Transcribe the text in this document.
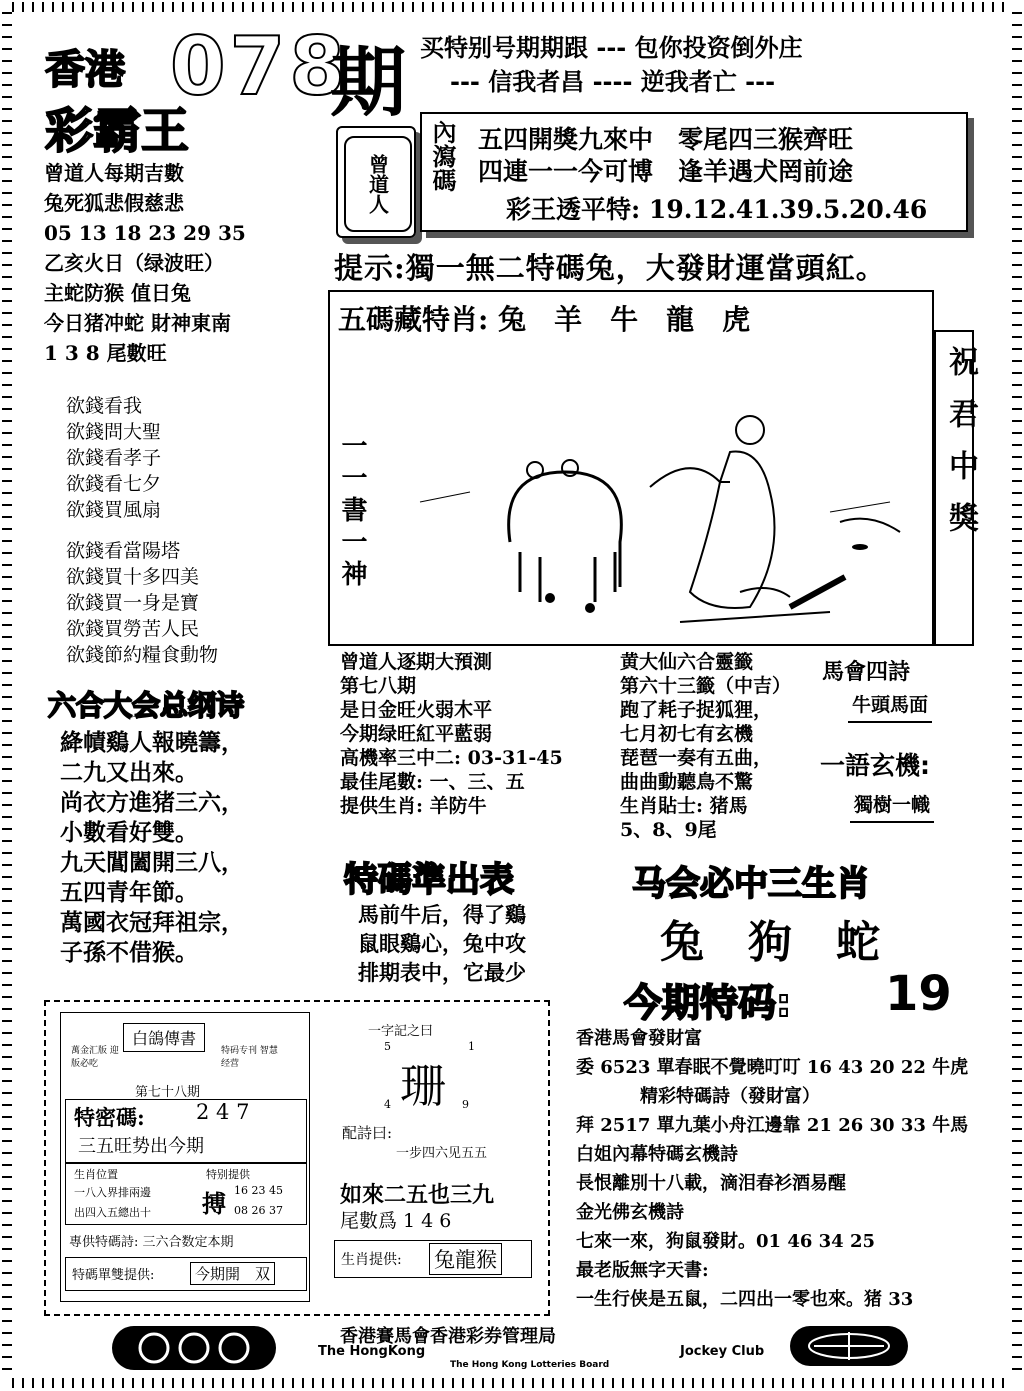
香港 078
期
彩霸王
买特别号期期跟 --- 包你投资倒外庄
--- 信我者昌 ---- 逆我者亡 ---
曾道人每期吉數
兔死狐悲假慈悲
05 13 18 23 29 35
乙亥火日（绿波旺）
主蛇防猴 值日兔
今日猪冲蛇 財神東南
1 3 8 尾數旺
欲錢看我
欲錢問大聖
欲錢看孝子
欲錢看七夕
欲錢買風扇
欲錢看當陽塔
欲錢買十多四美
欲錢買一身是寶
欲錢買勞苦人民
欲錢節約糧食動物
六合大会总纲诗
絳幘鷄人報曉籌，
二九又出來。
尚衣方進猪三六，
小數看好雙。
九天閶闔開三八，
五四青年節。
萬國衣冠拜祖宗，
子孫不借猴。
曾道人	內瀉碼 五四開獎九來中　零尾四三猴齊旺
四連一一今可博　逢羊遇犬罔前途
彩王透平特: 19.12.41.39.5.20.46
提示:獨一無二特碼兔，大發財運當頭紅。
五碼藏特肖: 兔　羊　牛　龍　虎
一一書一神	祝君中獎
曾道人逐期大預測
第七八期
是日金旺火弱木平
今期绿旺紅平藍弱
高機率三中二: 03-31-45
最佳尾數: 一、三、五
提供生肖: 羊防牛
黄大仙六合靈籤
第六十三籤（中吉）
跑了耗子捉狐狸，
七月初七有玄機
琵琶一奏有五曲，
曲曲動聽鳥不驚
生肖貼士: 猪馬
5、8、9尾
馬會四詩
牛頭馬面
一語玄機:
獨樹一幟
特碼準出表
馬前牛后，得了鷄
鼠眼鷄心，兔中攻
排期表中，它最少
马会必中三生肖
兔　狗　蛇
今期特码: 19
白鴿傳書
萬金汇版 迎版必吃
特码专刊 智慧经营
第七十八期
特密碼: 2 4 7
三五旺势出今期
生肖位置
一八入界排兩邊
出四入五總出十
特别提供
搏 16 23 45
08 26 37
專供特碼詩: 三六合数定本期
特碼單雙提供:	今期開　双
一字記之曰
5	1
珊
4	9
配詩曰:
一步四六见五五
如來二五也三九
尾數爲 1 4 6
生肖提供: 兔龍猴
香港馬會發財富
委 6523 單春眠不覺曉叮叮 16 43 20 22 牛虎
精彩特碼詩（發財富）
拜 2517 單九葉小舟江邊靠 21 26 30 33 牛馬
白姐內幕特碼玄機詩
長恨離別十八載，滴泪春衫酒易醒
金光佛玄機詩
七來一來，狗鼠發財。01 46 34 25
最老版無字天書:
一生行侠是五鼠，二四出一零也來。猪 33
香港賽馬會香港彩券管理局
The HongKong	Jockey Club
The Hong Kong Lotteries Board
